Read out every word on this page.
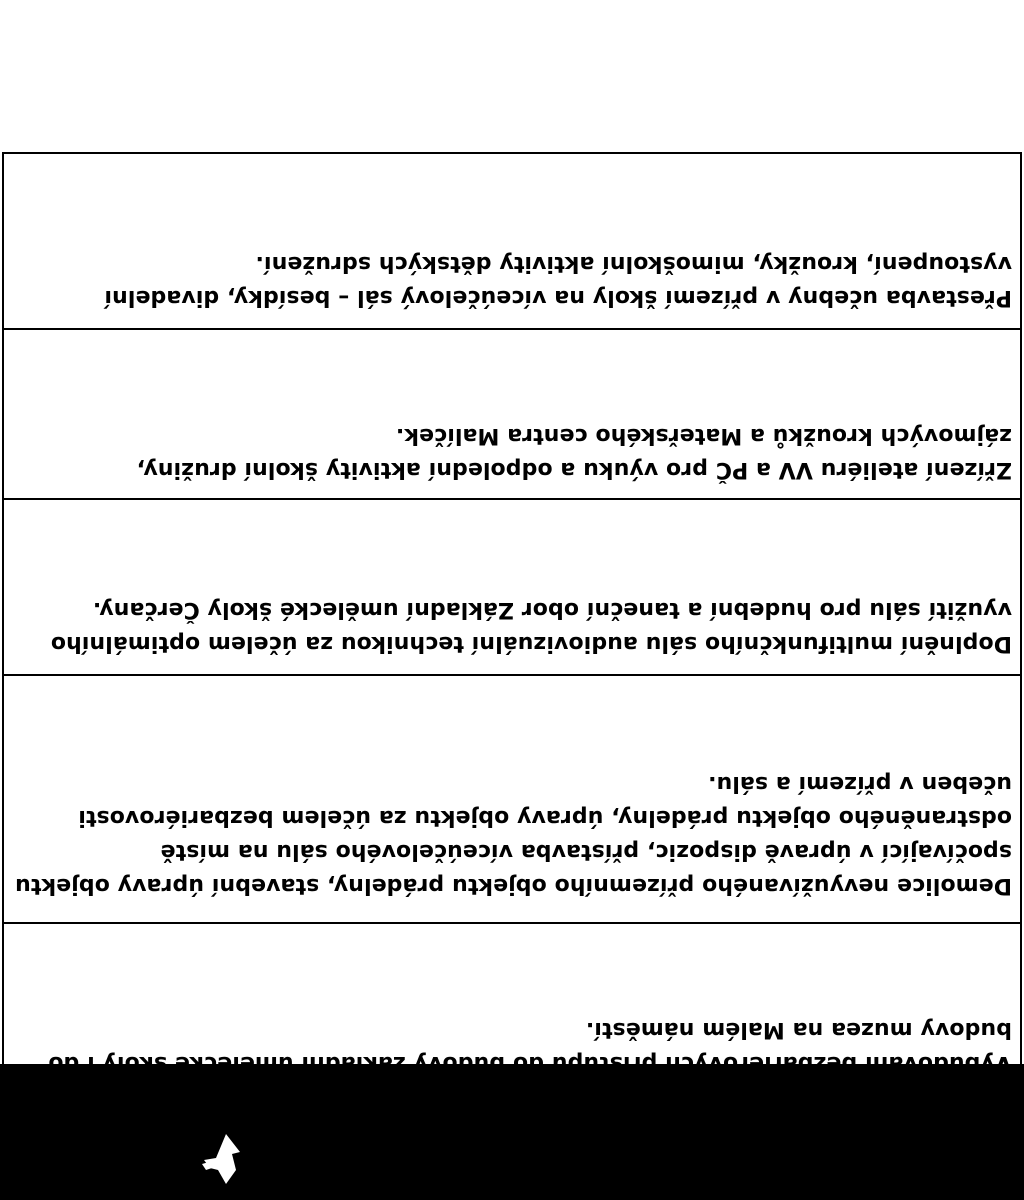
budovy muzea na Malém náměstí.

Demolice nevyužívaného přízemního objektu prádelny, stavební úpravy objektu spočívající v úpravě dispozic, přístavba víceúčelového sálu na místě odstraněného objektu prádelny, úpravy objektu za účelem bezbariérovosti učeben v přízemí a sálu.

Doplnění multifunkčního sálu audiovizuální technikou za účelem optimálního využití sálu pro hudební a taneční obor Základní umělecké školy Čerčany.

Zřízení ateliéru VV a PČ pro výuku a odpolední aktivity školní družiny, zájmových kroužků a Mateřského centra Malíček.

Přestavba učebny v přízemí školy na víceúčelový sál – besídky, divadelní vystoupení, kroužky, mimoškolní aktivity dětských sdružení.
